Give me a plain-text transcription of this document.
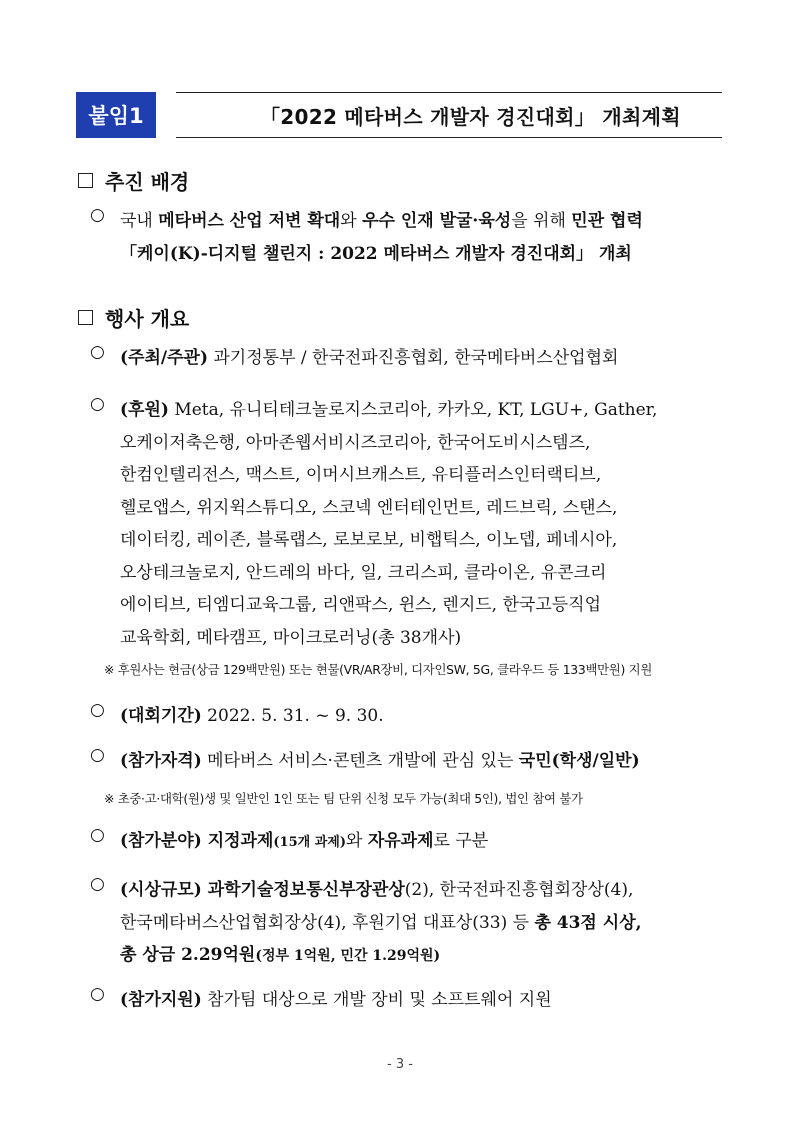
붙임1	「2022 메타버스 개발자 경진대회」 개최계획
추진 배경
○ 국내 메타버스 산업 저변 확대와 우수 인재 발굴·육성을 위해 민관 협력
「케이(K)-디지털 챌린지 : 2022 메타버스 개발자 경진대회」 개최
행사 개요
○ (주최/주관) 과기정통부 / 한국전파진흥협회, 한국메타버스산업협회
○ (후원) Meta, 유니티테크놀로지스코리아, 카카오, KT, LGU+, Gather,
오케이저축은행, 아마존웹서비시즈코리아, 한국어도비시스템즈,
한컴인텔리전스, 맥스트, 이머시브캐스트, 유티플러스인터랙티브,
헬로앱스, 위지윅스튜디오, 스코넥 엔터테인먼트, 레드브릭, 스탠스,
데이터킹, 레이존, 블록랩스, 로보로보, 비햅틱스, 이노뎁, 페네시아,
오상테크놀로지, 안드레의 바다, 일, 크리스피, 클라이온, 유콘크리
에이티브, 티엠디교육그룹, 리앤팍스, 윈스, 렌지드, 한국고등직업
교육학회, 메타캠프, 마이크로러닝(총 38개사)
※ 후원사는 현금(상금 129백만원) 또는 현물(VR/AR장비, 디자인SW, 5G, 클라우드 등 133백만원) 지원
○ (대회기간) 2022. 5. 31. ~ 9. 30.
○ (참가자격) 메타버스 서비스·콘텐츠 개발에 관심 있는 국민(학생/일반)
※ 초중·고·대학(원)생 및 일반인 1인 또는 팀 단위 신청 모두 가능(최대 5인), 법인 참여 불가
○ (참가분야) 지정과제(15개 과제)와 자유과제로 구분
○ (시상규모) 과학기술정보통신부장관상(2), 한국전파진흥협회장상(4),
한국메타버스산업협회장상(4), 후원기업 대표상(33) 등 총 43점 시상,
총 상금 2.29억원(정부 1억원, 민간 1.29억원)
○ (참가지원) 참가팀 대상으로 개발 장비 및 소프트웨어 지원
- 3 -
